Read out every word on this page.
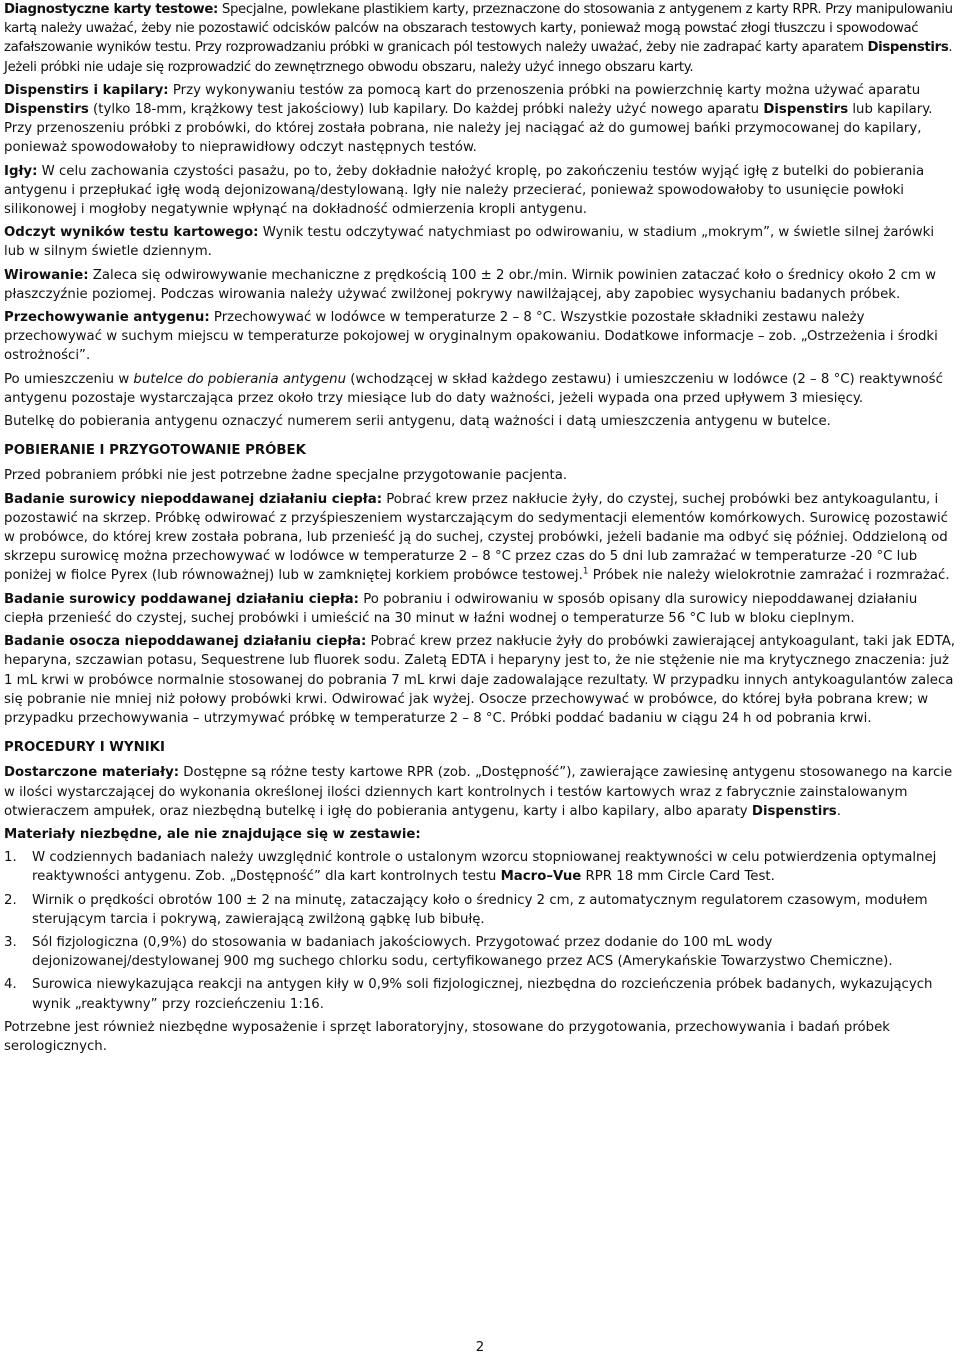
Diagnostyczne karty testowe: Specjalne, powlekane plastikiem karty, przeznaczone do stosowania z antygenem z karty RPR. Przy manipulowaniu kartą należy uważać, żeby nie pozostawić odcisków palców na obszarach testowych karty, ponieważ mogą powstać złogi tłuszczu i spowodować zafałszowanie wyników testu. Przy rozprowadzaniu próbki w granicach pól testowych należy uważać, żeby nie zadrapać karty aparatem Dispenstirs. Jeżeli próbki nie udaje się rozprowadzić do zewnętrznego obwodu obszaru, należy użyć innego obszaru karty.

Dispenstirs i kapilary: Przy wykonywaniu testów za pomocą kart do przenoszenia próbki na powierzchnię karty można używać aparatu Dispenstirs (tylko 18-mm, krążkowy test jakościowy) lub kapilary. Do każdej próbki należy użyć nowego aparatu Dispenstirs lub kapilary. Przy przenoszeniu próbki z probówki, do której została pobrana, nie należy jej naciągać aż do gumowej bańki przymocowanej do kapilary, ponieważ spowodowałoby to nieprawidłowy odczyt następnych testów.

Igły: W celu zachowania czystości pasażu, po to, żeby dokładnie nałożyć kroplę, po zakończeniu testów wyjąć igłę z butelki do pobierania antygenu i przepłukać igłę wodą dejonizowaną/destylowaną. Igły nie należy przecierać, ponieważ spowodowałoby to usunięcie powłoki silikonowej i mogłoby negatywnie wpłynąć na dokładność odmierzenia kropli antygenu.

Odczyt wyników testu kartowego: Wynik testu odczytywać natychmiast po odwirowaniu, w stadium „mokrym”, w świetle silnej żarówki lub w silnym świetle dziennym.

Wirowanie: Zaleca się odwirowywanie mechaniczne z prędkością 100 ± 2 obr./min. Wirnik powinien zataczać koło o średnicy około 2 cm w płaszczyźnie poziomej. Podczas wirowania należy używać zwilżonej pokrywy nawilżającej, aby zapobiec wysychaniu badanych próbek.

Przechowywanie antygenu: Przechowywać w lodówce w temperaturze 2 – 8 °C. Wszystkie pozostałe składniki zestawu należy przechowywać w suchym miejscu w temperaturze pokojowej w oryginalnym opakowaniu. Dodatkowe informacje – zob. „Ostrzeżenia i środki ostrożności”.

Po umieszczeniu w butelce do pobierania antygenu (wchodzącej w skład każdego zestawu) i umieszczeniu w lodówce (2 – 8 °C) reaktywność antygenu pozostaje wystarczająca przez około trzy miesiące lub do daty ważności, jeżeli wypada ona przed upływem 3 miesięcy.

Butelkę do pobierania antygenu oznaczyć numerem serii antygenu, datą ważności i datą umieszczenia antygenu w butelce.

POBIERANIE I PRZYGOTOWANIE PRÓBEK

Przed pobraniem próbki nie jest potrzebne żadne specjalne przygotowanie pacjenta.

Badanie surowicy niepoddawanej działaniu ciepła: Pobrać krew przez nakłucie żyły, do czystej, suchej probówki bez antykoagulantu, i pozostawić na skrzep. Próbkę odwirować z przyśpieszeniem wystarczającym do sedymentacji elementów komórkowych. Surowicę pozostawić w probówce, do której krew została pobrana, lub przenieść ją do suchej, czystej probówki, jeżeli badanie ma odbyć się później. Oddzieloną od skrzepu surowicę można przechowywać w lodówce w temperaturze 2 – 8 °C przez czas do 5 dni lub zamrażać w temperaturze -20 °C lub poniżej w fiolce Pyrex (lub równoważnej) lub w zamkniętej korkiem probówce testowej.$^1$ Próbek nie należy wielokrotnie zamrażać i rozmrażać.

Badanie surowicy poddawanej działaniu ciepła: Po pobraniu i odwirowaniu w sposób opisany dla surowicy niepoddawanej działaniu ciepła przenieść do czystej, suchej probówki i umieścić na 30 minut w łaźni wodnej o temperaturze 56 °C lub w bloku cieplnym.

Badanie osocza niepoddawanej działaniu ciepła: Pobrać krew przez nakłucie żyły do probówki zawierającej antykoagulant, taki jak EDTA, heparyna, szczawian potasu, Sequestrene lub fluorek sodu. Zaletą EDTA i heparyny jest to, że nie stężenie nie ma krytycznego znaczenia: już 1 mL krwi w probówce normalnie stosowanej do pobrania 7 mL krwi daje zadowalające rezultaty. W przypadku innych antykoagulantów zaleca się pobranie nie mniej niż połowy probówki krwi. Odwirować jak wyżej. Osocze przechowywać w probówce, do której była pobrana krew; w przypadku przechowywania – utrzymywać próbkę w temperaturze 2 – 8 °C. Próbki poddać badaniu w ciągu 24 h od pobrania krwi.

PROCEDURY I WYNIKI

Dostarczone materiały: Dostępne są różne testy kartowe RPR (zob. „Dostępność”), zawierające zawiesinę antygenu stosowanego na karcie w ilości wystarczającej do wykonania określonej ilości dziennych kart kontrolnych i testów kartowych wraz z fabrycznie zainstalowanym otwieraczem ampułek, oraz niezbędną butelkę i igłę do pobierania antygenu, karty i albo kapilary, albo aparaty Dispenstirs.

Materiały niezbędne, ale nie znajdujące się w zestawie:

1. W codziennych badaniach należy uwzględnić kontrole o ustalonym wzorcu stopniowanej reaktywności w celu potwierdzenia optymalnej reaktywności antygenu. Zob. „Dostępność” dla kart kontrolnych testu Macro–Vue RPR 18 mm Circle Card Test.
2. Wirnik o prędkości obrotów 100 ± 2 na minutę, zataczający koło o średnicy 2 cm, z automatycznym regulatorem czasowym, modułem sterującym tarcia i pokrywą, zawierającą zwilżoną gąbkę lub bibułę.
3. Sól fizjologiczna (0,9%) do stosowania w badaniach jakościowych. Przygotować przez dodanie do 100 mL wody dejonizowanej/destylowanej 900 mg suchego chlorku sodu, certyfikowanego przez ACS (Amerykańskie Towarzystwo Chemiczne).
4. Surowica niewykazująca reakcji na antygen kiły w 0,9% soli fizjologicznej, niezbędna do rozcieńczenia próbek badanych, wykazujących wynik „reaktywny” przy rozcieńczeniu 1:16.

Potrzebne jest również niezbędne wyposażenie i sprzęt laboratoryjny, stosowane do przygotowania, przechowywania i badań próbek serologicznych.

2
